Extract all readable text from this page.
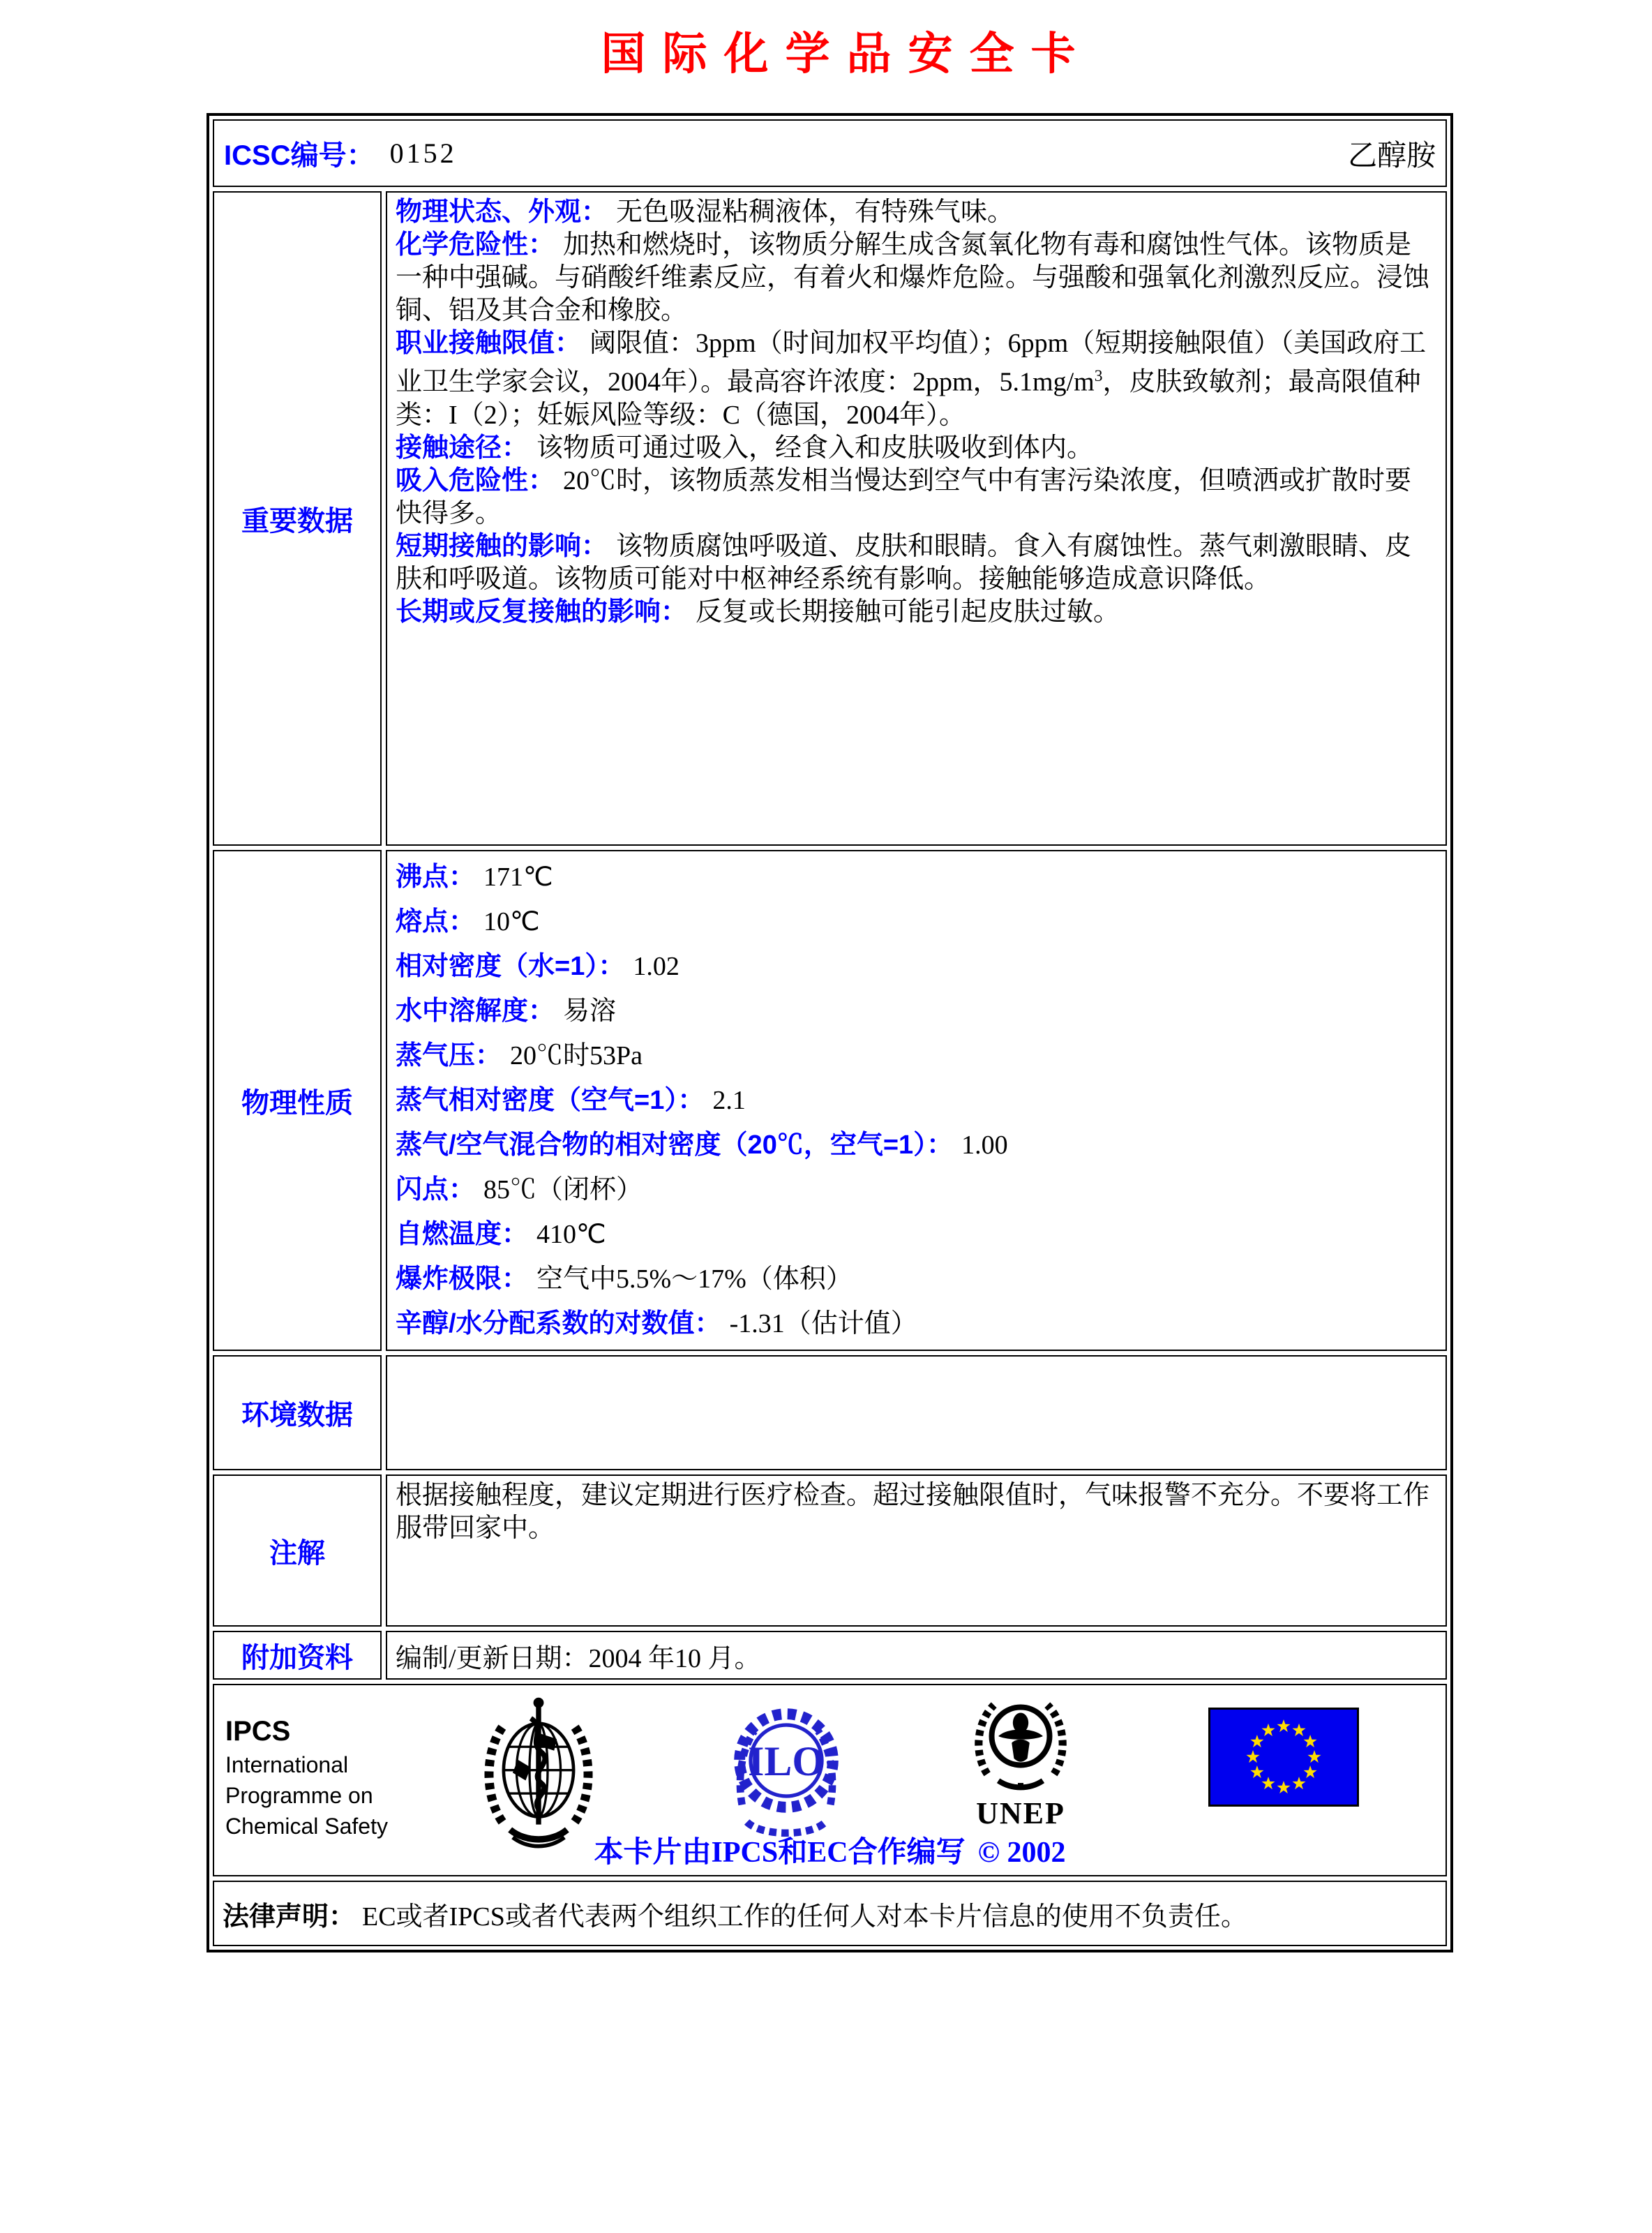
国际化学品安全卡
ICSC编号： 0152	乙醇胺
重要数据

物理状态、外观： 无色吸湿粘稠液体，有特殊气味。

化学危险性： 加热和燃烧时，该物质分解生成含氮氧化物有毒和腐蚀性气体。该物质是一种中强碱。与硝酸纤维素反应，有着火和爆炸危险。与强酸和强氧化剂激烈反应。浸蚀铜、铝及其合金和橡胶。

职业接触限值： 阈限值：3ppm（时间加权平均值）；6ppm（短期接触限值）（美国政府工业卫生学家会议，2004年）。最高容许浓度：2ppm，$5.1mg/m^3$，皮肤致敏剂；最高限值种类：I（2）；妊娠风险等级：C（德国，2004年）。

接触途径： 该物质可通过吸入，经食入和皮肤吸收到体内。

吸入危险性： 20℃时，该物质蒸发相当慢达到空气中有害污染浓度，但喷洒或扩散时要快得多。

短期接触的影响： 该物质腐蚀呼吸道、皮肤和眼睛。食入有腐蚀性。蒸气刺激眼睛、皮肤和呼吸道。该物质可能对中枢神经系统有影响。接触能够造成意识降低。

长期或反复接触的影响： 反复或长期接触可能引起皮肤过敏。

物理性质

沸点： 171℃

熔点： 10℃

相对密度（水=1）： 1.02

水中溶解度： 易溶

蒸气压： 20℃时53Pa

蒸气相对密度（空气=1）： 2.1

蒸气/空气混合物的相对密度（20℃，空气=1）： 1.00

闪点： 85℃（闭杯）

自燃温度： 410℃

爆炸极限： 空气中5.5%～17%（体积）

辛醇/水分配系数的对数值： -1.31（估计值）

环境数据
注解
根据接触程度，建议定期进行医疗检查。超过接触限值时，气味报警不充分。不要将工作服带回家中。
附加资料 编制/更新日期：2004 年10 月。
IPCS
International
Programme on
Chemical Safety
ILO
UNEP
本卡片由IPCS和EC合作编写 © 2002
法律声明： EC或者IPCS或者代表两个组织工作的任何人对本卡片信息的使用不负责任。
